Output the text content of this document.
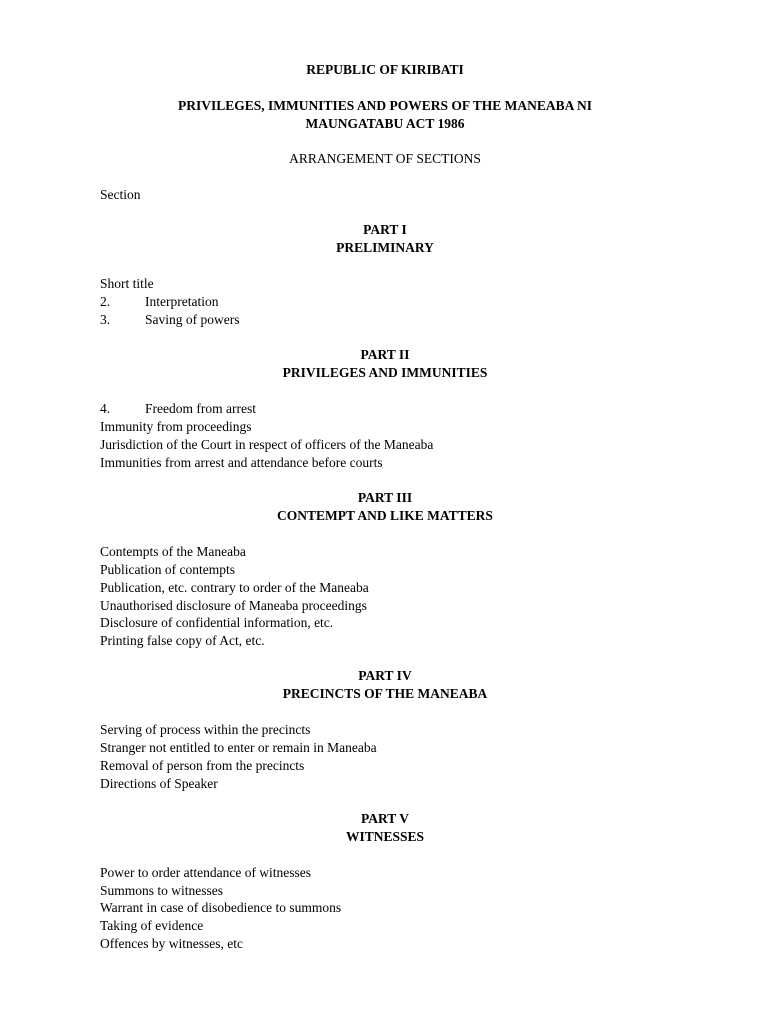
REPUBLIC OF KIRIBATI
PRIVILEGES, IMMUNITIES AND POWERS OF THE MANEABA NI
MAUNGATABU ACT 1986
ARRANGEMENT OF SECTIONS
Section
PART I
PRELIMINARY
Short title
2.	Interpretation
3.	Saving of powers
PART II
PRIVILEGES AND IMMUNITIES
4.	Freedom from arrest
Immunity from proceedings
Jurisdiction of the Court in respect of officers of the Maneaba
Immunities from arrest and attendance before courts
PART III
CONTEMPT AND LIKE MATTERS
Contempts of the Maneaba
Publication of contempts
Publication, etc. contrary to order of the Maneaba
Unauthorised disclosure of Maneaba proceedings
Disclosure of confidential information, etc.
Printing false copy of Act, etc.
PART IV
PRECINCTS OF THE MANEABA
Serving of process within the precincts
Stranger not entitled to enter or remain in Maneaba
Removal of person from the precincts
Directions of Speaker
PART V
WITNESSES
Power to order attendance of witnesses
Summons to witnesses
Warrant in case of disobedience to summons
Taking of evidence
Offences by witnesses, etc
